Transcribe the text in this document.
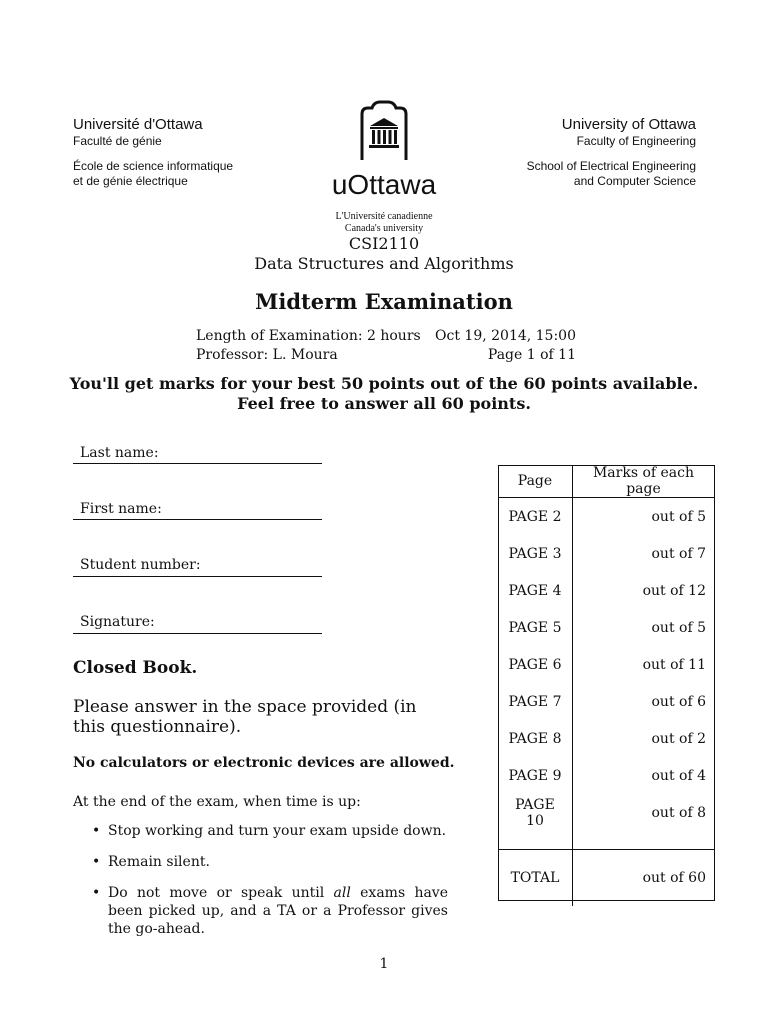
Université d'Ottawa
Faculté de génie
École de science informatique
et de génie électrique	uOttawa
L'Université canadienne
Canada's university
University of Ottawa
Faculty of Engineering
School of Electrical Engineering
and Computer Science
CSI2110
Data Structures and Algorithms
Midterm Examination
Length of Examination: 2 hours Oct 19, 2014, 15:00
Professor: L. Moura	Page 1 of 11
You'll get marks for your best 50 points out of the 60 points available.
Feel free to answer all 60 points.
Last name:
First name:
Student number:
Signature:
Closed Book.
Please answer in the space provided (in this questionnaire).
No calculators or electronic devices are allowed.
At the end of the exam, when time is up:
• Stop working and turn your exam upside down.
• Remain silent.
• Do not move or speak until all exams have been picked up, and a TA or a Professor gives the go-ahead.
Page	Marks of each page
PAGE 2	out of 5
PAGE 3	out of 7
PAGE 4	out of 12
PAGE 5	out of 5
PAGE 6	out of 11
PAGE 7	out of 6
PAGE 8	out of 2
PAGE 9	out of 4
PAGE 10	out of 8

TOTAL	out of 60
1
